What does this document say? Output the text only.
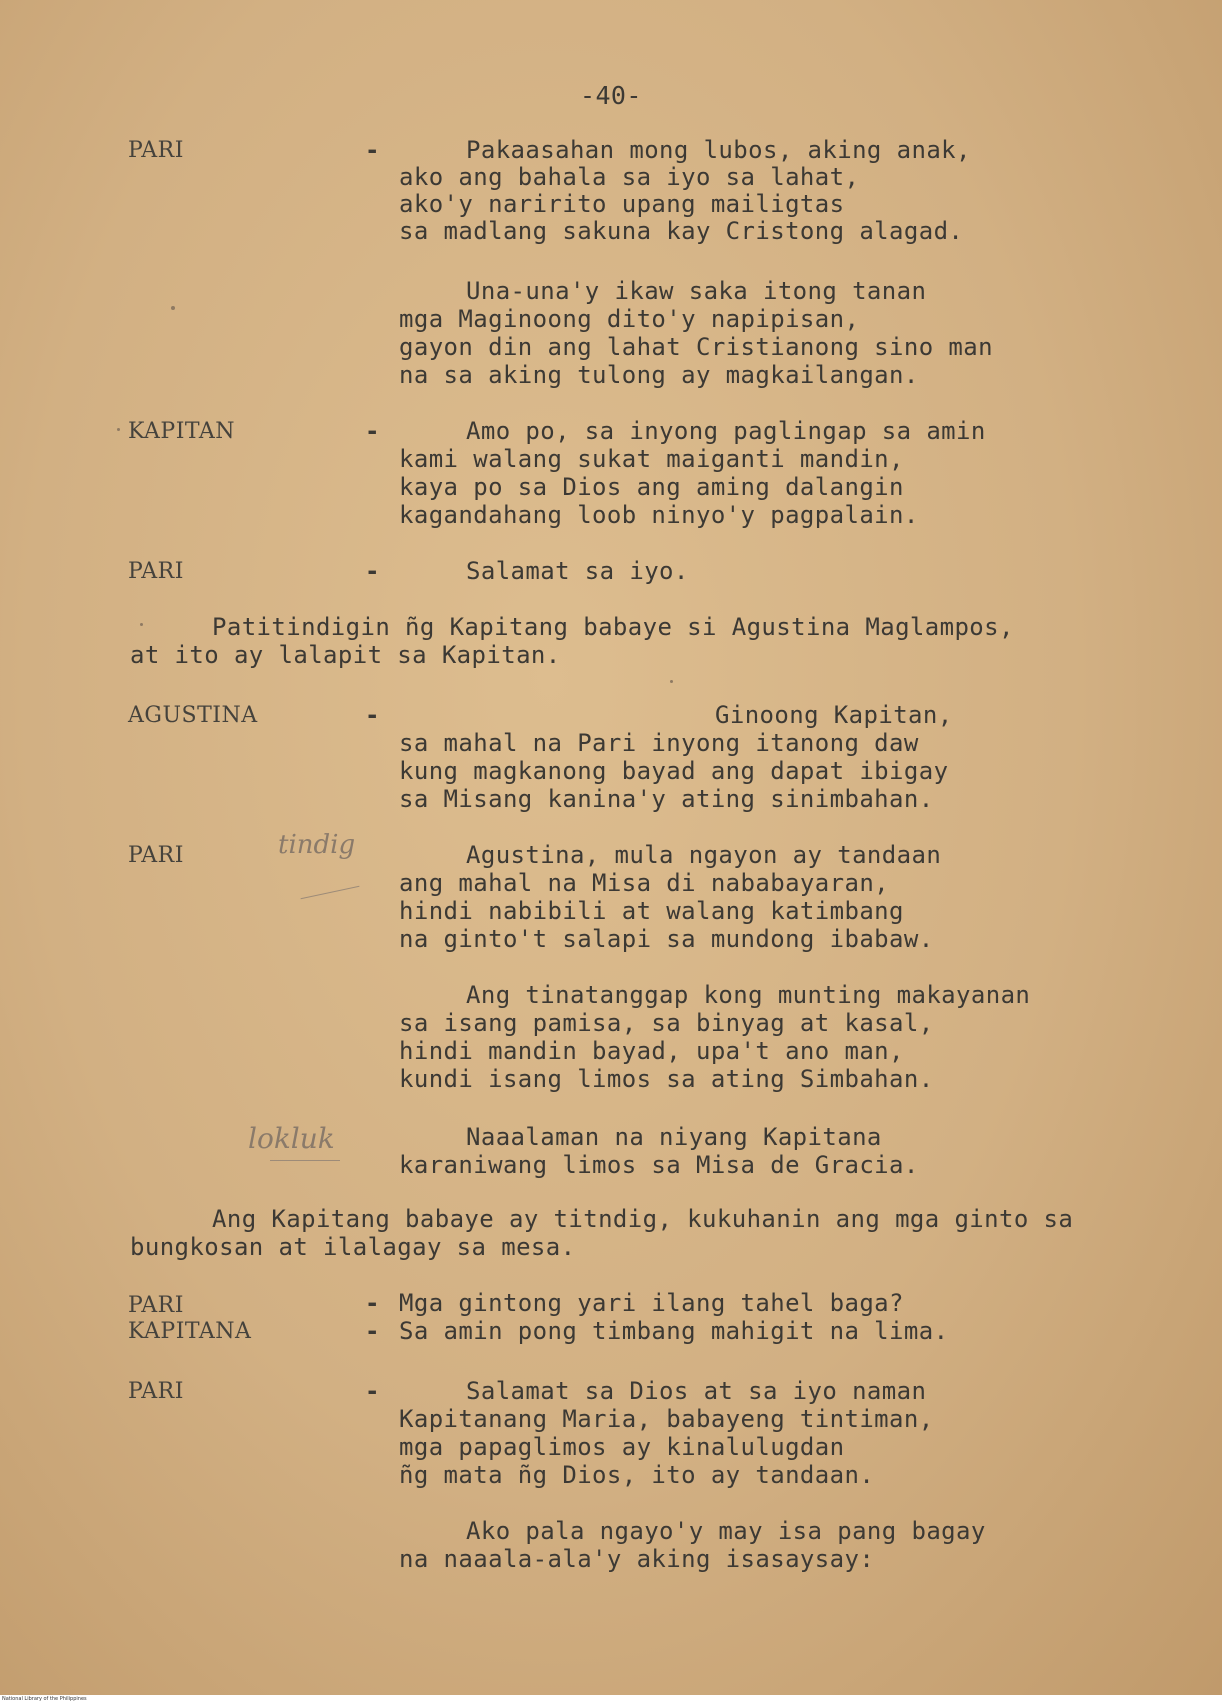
-40-
PARI	-	Pakaasahan mong lubos, aking anak,
ako ang bahala sa iyo sa lahat,
ako'y naririto upang mailigtas
sa madlang sakuna kay Cristong alagad.
Una-una'y ikaw saka itong tanan
mga Maginoong dito'y napipisan,
gayon din ang lahat Cristianong sino man
na sa aking tulong ay magkailangan.
KAPITAN	-	Amo po, sa inyong paglingap sa amin
kami walang sukat maiganti mandin,
kaya po sa Dios ang aming dalangin
kagandahang loob ninyo'y pagpalain.
PARI	-	Salamat sa iyo.
Patitindigin ñg Kapitang babaye si Agustina Maglampos,
at ito ay lalapit sa Kapitan.
AGUSTINA	-	Ginoong Kapitan,
sa mahal na Pari inyong itanong daw
kung magkanong bayad ang dapat ibigay
sa Misang kanina'y ating sinimbahan.
PARI	tindig	Agustina, mula ngayon ay tandaan
ang mahal na Misa di nababayaran,
hindi nabibili at walang katimbang
na ginto't salapi sa mundong ibabaw.
Ang tinatanggap kong munting makayanan
sa isang pamisa, sa binyag at kasal,
hindi mandin bayad, upa't ano man,
kundi isang limos sa ating Simbahan.
lokluk	Naaalaman na niyang Kapitana
karaniwang limos sa Misa de Gracia.
Ang Kapitang babaye ay titndig, kukuhanin ang mga ginto sa
bungkosan at ilalagay sa mesa.
PARI	- Mga gintong yari ilang tahel baga?
KAPITANA	- Sa amin pong timbang mahigit na lima.
PARI	-	Salamat sa Dios at sa iyo naman
Kapitanang Maria, babayeng tintiman,
mga papaglimos ay kinalulugdan
ñg mata ñg Dios, ito ay tandaan.
Ako pala ngayo'y may isa pang bagay
na naaala-ala'y aking isasaysay:
National Library of the Philippines
